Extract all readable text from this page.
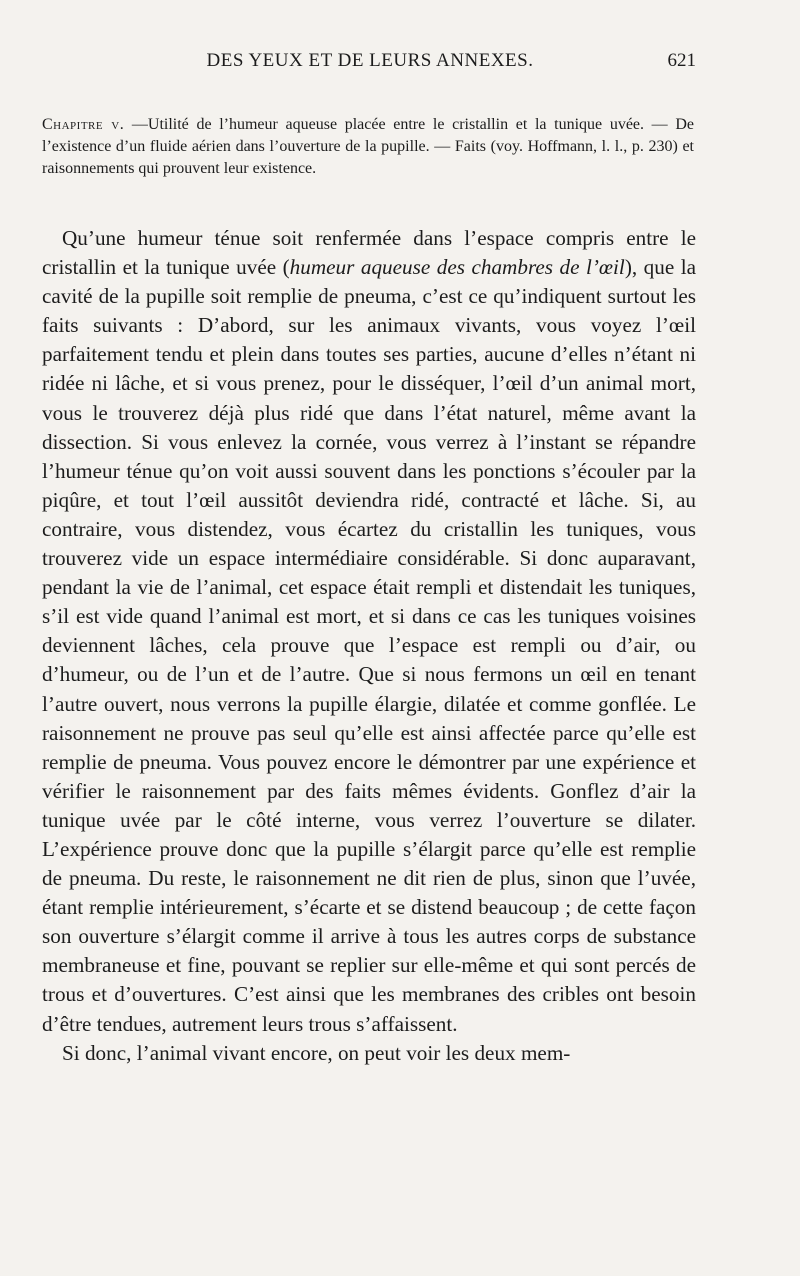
DES YEUX ET DE LEURS ANNEXES.	621
Chapitre v. —Utilité de l’humeur aqueuse placée entre le cristallin et la tunique uvée. — De l’existence d’un fluide aérien dans l’ouverture de la pupille. — Faits (voy. Hoffmann, l. l., p. 230) et raisonnements qui prouvent leur existence.

Qu’une humeur ténue soit renfermée dans l’espace compris entre le cristallin et la tunique uvée (humeur aqueuse des chambres de l’œil), que la cavité de la pupille soit remplie de pneuma, c’est ce qu’indiquent surtout les faits suivants : D’abord, sur les animaux vivants, vous voyez l’œil parfaitement tendu et plein dans toutes ses parties, aucune d’elles n’étant ni ridée ni lâche, et si vous prenez, pour le disséquer, l’œil d’un animal mort, vous le trouverez déjà plus ridé que dans l’état naturel, même avant la dissection. Si vous enlevez la cornée, vous verrez à l’instant se répandre l’humeur ténue qu’on voit aussi souvent dans les ponctions s’écouler par la piqûre, et tout l’œil aussitôt deviendra ridé, contracté et lâche. Si, au contraire, vous distendez, vous écartez du cristallin les tuniques, vous trouverez vide un espace intermédiaire considérable. Si donc auparavant, pendant la vie de l’animal, cet espace était rempli et distendait les tuniques, s’il est vide quand l’animal est mort, et si dans ce cas les tuniques voisines deviennent lâches, cela prouve que l’espace est rempli ou d’air, ou d’humeur, ou de l’un et de l’autre. Que si nous fermons un œil en tenant l’autre ouvert, nous verrons la pupille élargie, dilatée et comme gonflée. Le raisonnement ne prouve pas seul qu’elle est ainsi affectée parce qu’elle est remplie de pneuma. Vous pouvez encore le démontrer par une expérience et vérifier le raisonnement par des faits mêmes évidents. Gonflez d’air la tunique uvée par le côté interne, vous verrez l’ouverture se dilater. L’expérience prouve donc que la pupille s’élargit parce qu’elle est remplie de pneuma. Du reste, le raisonnement ne dit rien de plus, sinon que l’uvée, étant remplie intérieurement, s’écarte et se distend beaucoup ; de cette façon son ouverture s’élargit comme il arrive à tous les autres corps de substance membraneuse et fine, pouvant se replier sur elle-même et qui sont percés de trous et d’ouvertures. C’est ainsi que les membranes des cribles ont besoin d’être tendues, autrement leurs trous s’affaissent.

Si donc, l’animal vivant encore, on peut voir les deux mem-
